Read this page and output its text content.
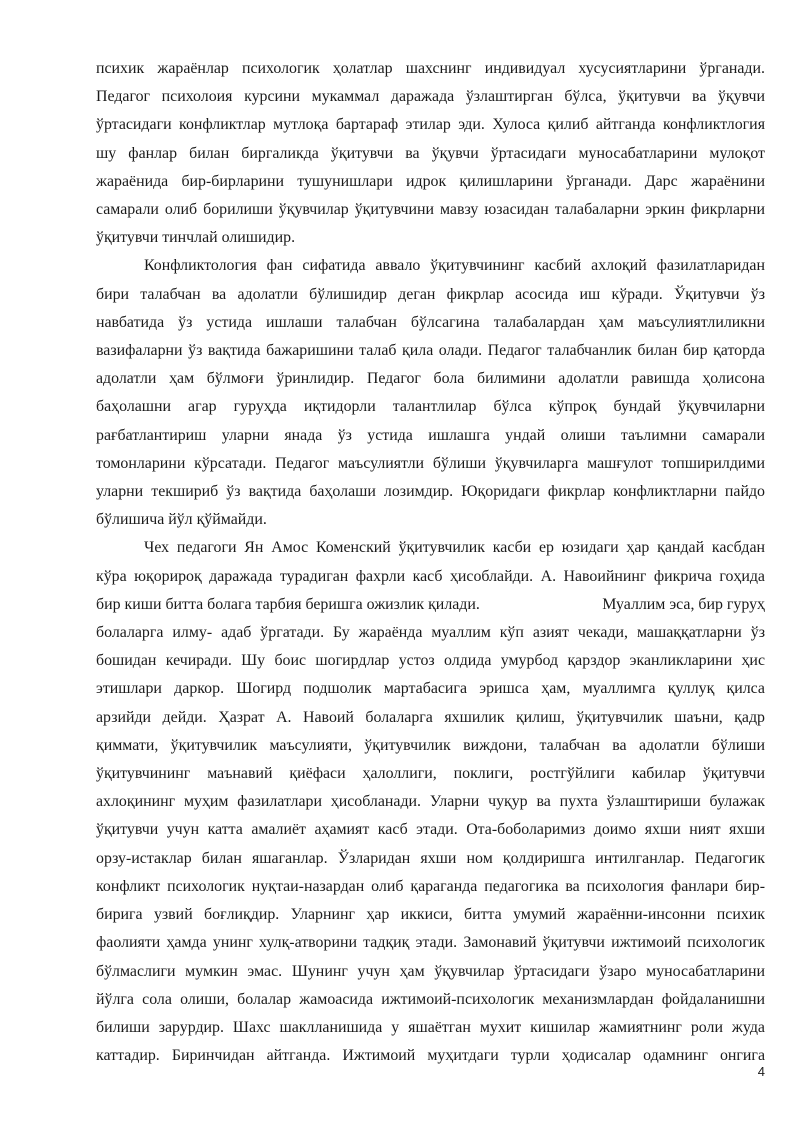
психик жараёнлар психологик ҳолатлар шахснинг индивидуал хусусиятларини ўрганади.
Педагог психолоия курсини мукаммал даражада ўзлаштирган бўлса, ўқитувчи ва ўқувчи
ўртасидаги конфликтлар мутлоқа бартараф этилар эди. Хулоса қилиб айтганда конфликтлогия
шу фанлар билан биргаликда ўқитувчи ва ўқувчи ўртасидаги муносабатларини мулоқот
жараёнида бир-бирларини тушунишлари идрок қилишларини ўрганади. Дарс жараёнини
самарали олиб борилиши ўқувчилар ўқитувчини мавзу юзасидан талабаларни эркин фикрларни
ўқитувчи тинчлай олишидир.
Конфликтология фан сифатида аввало ўқитувчининг касбий ахлоқий фазилатларидан
бири талабчан ва адолатли бўлишидир деган фикрлар асосида иш кўради. Ўқитувчи ўз
навбатида ўз устида ишлаши талабчан бўлсагина талабалардан ҳам маъсулиятлиликни
вазифаларни ўз вақтида бажаришини талаб қила олади. Педагог талабчанлик билан бир қаторда
адолатли ҳам бўлмоғи ўринлидир. Педагог бола билимини адолатли равишда ҳолисона
баҳолашни агар гуруҳда иқтидорли талантлилар бўлса кўпроқ бундай ўқувчиларни
рағбатлантириш уларни янада ўз устида ишлашга ундай олиши таълимни самарали
томонларини кўрсатади. Педагог маъсулиятли бўлиши ўқувчиларга машғулот топширилдими
уларни текшириб ўз вақтида баҳолаши лозимдир. Юқоридаги фикрлар конфликтларни пайдо
бўлишича йўл қўймайди.
Чех педагоги Ян Амос Коменский ўқитувчилик касби ер юзидаги ҳар қандай касбдан
кўра юқорироқ даражада турадиган фахрли касб ҳисоблайди. А. Навоийнинг фикрича гоҳида
бир киши битта болага тарбия беришга ожизлик қилади.	Муаллим эса, бир гуруҳ
болаларга илму- адаб ўргатади. Бу жараёнда муаллим кўп азият чекади, машаққатларни ўз
бошидан кечиради. Шу боис шогирдлар устоз олдида умурбод қарздор эканликларини ҳис
этишлари даркор. Шогирд подшолик мартабасига эришса ҳам, муаллимга қуллуқ қилса
арзийди дейди. Ҳазрат А. Навоий болаларга яхшилик қилиш, ўқитувчилик шаъни, қадр
қиммати, ўқитувчилик маъсулияти, ўқитувчилик виждони, талабчан ва адолатли бўлиши
ўқитувчининг маънавий қиёфаси ҳалоллиги, поклиги, ростгўйлиги кабилар ўқитувчи
ахлоқининг муҳим фазилатлари ҳисобланади. Уларни чуқур ва пухта ўзлаштириши булажак
ўқитувчи учун катта амалиёт аҳамият касб этади. Ота-боболаримиз доимо яхши ният яхши
орзу-истаклар билан яшаганлар. Ўзларидан яхши ном қолдиришга интилганлар. Педагогик
конфликт психологик нуқтаи-назардан олиб қараганда педагогика ва психология фанлари бир-
бирига узвий боғлиқдир. Уларнинг ҳар иккиси, битта умумий жараённи-инсонни психик
фаолияти ҳамда унинг хулқ-атворини тадқиқ этади. Замонавий ўқитувчи ижтимоий психологик
бўлмаслиги мумкин эмас. Шунинг учун ҳам ўқувчилар ўртасидаги ўзаро муносабатларини
йўлга сола олиши, болалар жамоасида ижтимоий-психологик механизмлардан фойдаланишни
билиши зарурдир. Шахс шаклланишида у яшаётган мухит кишилар жамиятнинг роли жуда
каттадир. Биринчидан айтганда. Ижтимоий муҳитдаги турли ҳодисалар одамнинг онгига
4
